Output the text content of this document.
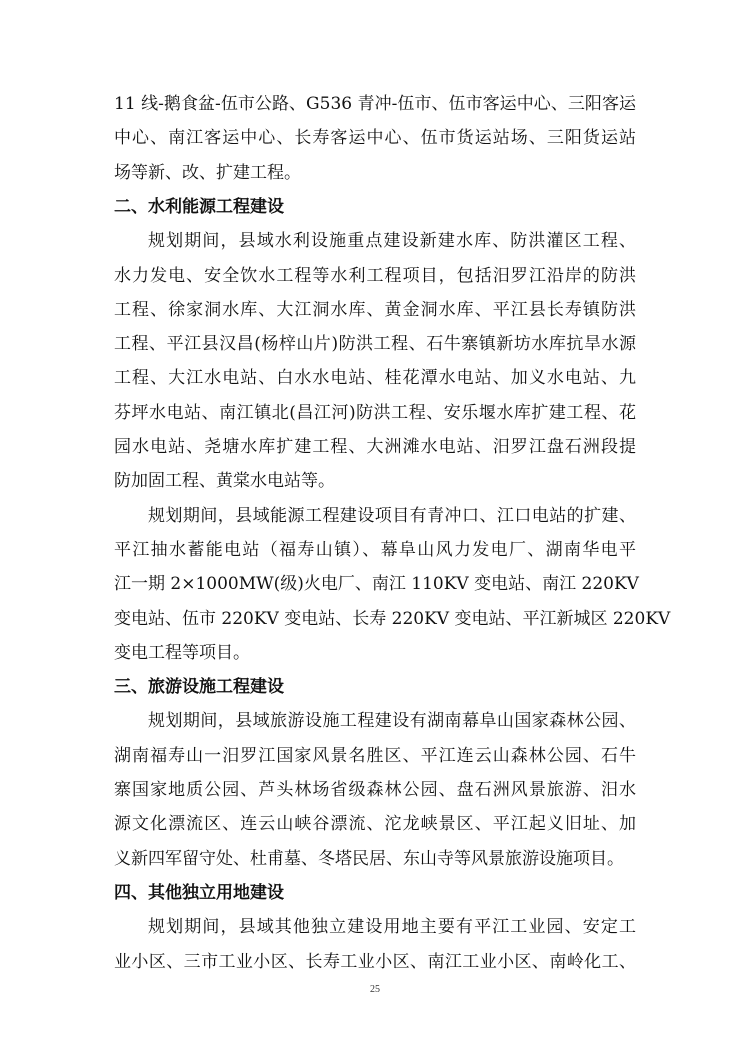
11 线-鹅食盆-伍市公路、G536 青冲-伍市、伍市客运中心、三阳客运
中心、南江客运中心、长寿客运中心、伍市货运站场、三阳货运站
场等新、改、扩建工程。
二、水利能源工程建设
规划期间，县域水利设施重点建设新建水库、防洪灌区工程、
水力发电、安全饮水工程等水利工程项目，包括汨罗江沿岸的防洪
工程、徐家洞水库、大江洞水库、黄金洞水库、平江县长寿镇防洪
工程、平江县汉昌(杨梓山片)防洪工程、石牛寨镇新坊水库抗旱水源
工程、大江水电站、白水水电站、桂花潭水电站、加义水电站、九
芬坪水电站、南江镇北(昌江河)防洪工程、安乐堰水库扩建工程、花
园水电站、尧塘水库扩建工程、大洲滩水电站、汨罗江盘石洲段提
防加固工程、黄棠水电站等。
规划期间，县域能源工程建设项目有青冲口、江口电站的扩建、
平江抽水蓄能电站（福寿山镇）、幕阜山风力发电厂、湖南华电平
江一期 2×1000MW(级)火电厂、南江 110KV 变电站、南江 220KV
变电站、伍市 220KV 变电站、长寿 220KV 变电站、平江新城区 220KV
变电工程等项目。
三、旅游设施工程建设
规划期间，县域旅游设施工程建设有湖南幕阜山国家森林公园、
湖南福寿山一汨罗江国家风景名胜区、平江连云山森林公园、石牛
寨国家地质公园、芦头林场省级森林公园、盘石洲风景旅游、汨水
源文化漂流区、连云山峡谷漂流、沱龙峡景区、平江起义旧址、加
义新四军留守处、杜甫墓、冬塔民居、东山寺等风景旅游设施项目。
四、其他独立用地建设
规划期间，县域其他独立建设用地主要有平江工业园、安定工
业小区、三市工业小区、长寿工业小区、南江工业小区、南岭化工、
25
